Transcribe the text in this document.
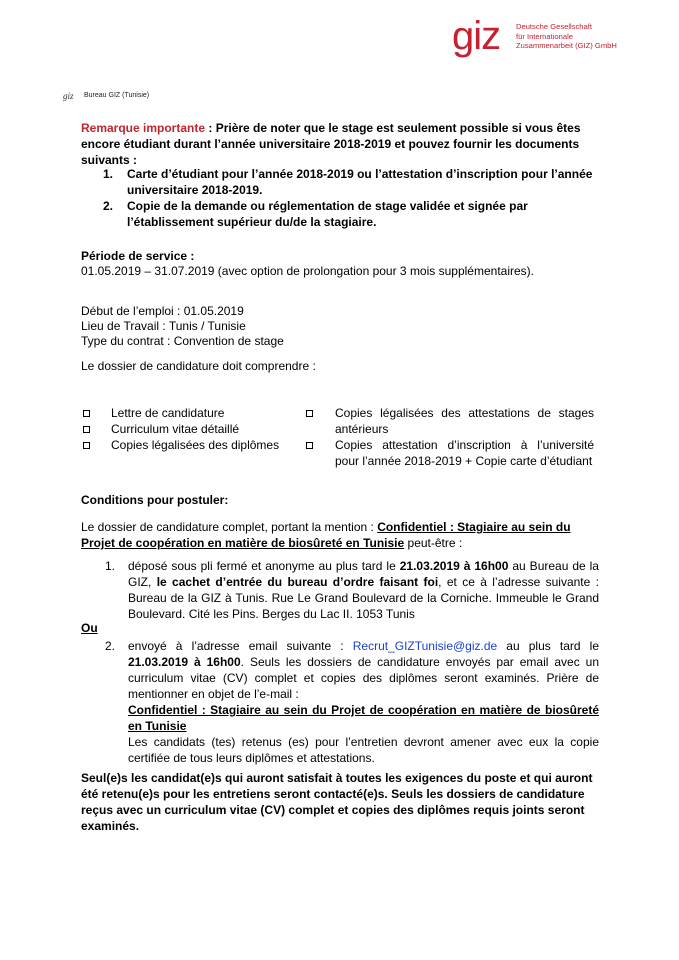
giz Deutsche Gesellschaft
für Internationale
Zusammenarbeit (GIZ) GmbH
giz Bureau GIZ (Tunisie)
Remarque importante : Prière de noter que le stage est seulement possible si vous êtes encore étudiant durant l’année universitaire 2018-2019 et pouvez fournir les documents suivants :
1.	Carte d’étudiant pour l’année 2018-2019 ou l’attestation d’inscription pour l’année universitaire 2018-2019.
2.	Copie de la demande ou réglementation de stage validée et signée par l’établissement supérieur du/de la stagiaire.
Période de service :
01.05.2019 – 31.07.2019 (avec option de prolongation pour 3 mois supplémentaires).
Début de l’emploi : 01.05.2019
Lieu de Travail : Tunis / Tunisie
Type du contrat : Convention de stage
Le dossier de candidature doit comprendre :
Lettre de candidature
Curriculum vitae détaillé
Copies légalisées des diplômes
Copies légalisées des attestations de stages antérieurs
Copies attestation d’inscription à l’université pour l’année 2018-2019 + Copie carte d’étudiant
Conditions pour postuler:
Le dossier de candidature complet, portant la mention : Confidentiel : Stagiaire au sein du Projet de coopération en matière de biosûreté en Tunisie peut-être :
1. déposé sous pli fermé et anonyme au plus tard le 21.03.2019 à 16h00 au Bureau de la GIZ, le cachet d’entrée du bureau d’ordre faisant foi, et ce à l’adresse suivante : Bureau de la GIZ à Tunis. Rue Le Grand Boulevard de la Corniche. Immeuble le Grand Boulevard. Cité les Pins. Berges du Lac II. 1053 Tunis
Ou
2. envoyé à l’adresse email suivante : Recrut_GIZTunisie@giz.de au plus tard le 21.03.2019 à 16h00. Seuls les dossiers de candidature envoyés par email avec un curriculum vitae (CV) complet et copies des diplômes seront examinés. Prière de mentionner en objet de l’e-mail :
Confidentiel : Stagiaire au sein du Projet de coopération en matière de biosûreté en Tunisie
Les candidats (tes) retenus (es) pour l’entretien devront amener avec eux la copie certifiée de tous leurs diplômes et attestations.
Seul(e)s les candidat(e)s qui auront satisfait à toutes les exigences du poste et qui auront été retenu(e)s pour les entretiens seront contacté(e)s. Seuls les dossiers de candidature reçus avec un curriculum vitae (CV) complet et copies des diplômes requis joints seront examinés.
